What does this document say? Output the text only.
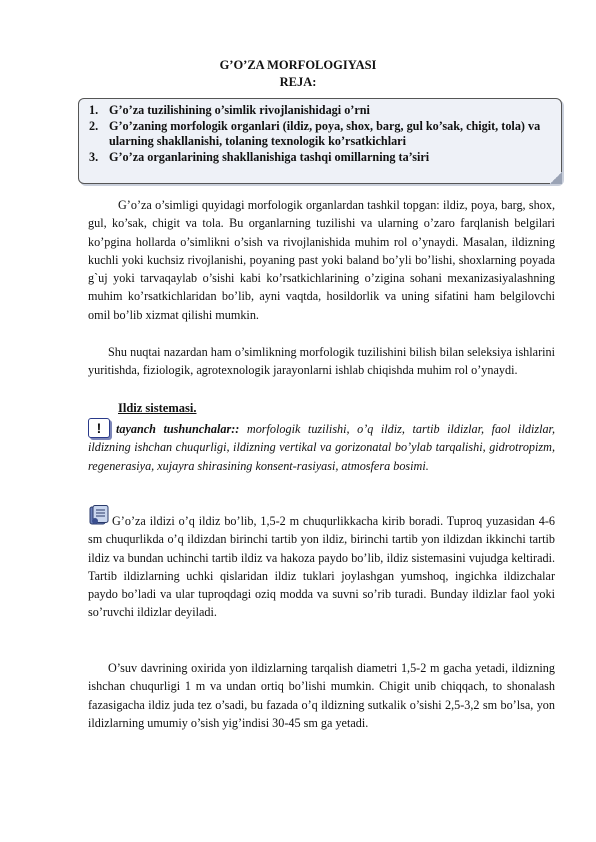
G’O’ZA MORFOLOGIYASI
REJA:
1. G’o’za tuzilishining o’simlik rivojlanishidagi o’rni
2. G’o’zaning morfologik organlari (ildiz, poya, shox, barg, gul ko’sak, chigit, tola) va ularning shakllanishi, tolaning texnologik ko’rsatkichlari
3. G’o’za organlarining shakllanishiga tashqi omillarning ta’siri

G’o’za o’simligi quyidagi morfologik organlardan tashkil topgan: ildiz, poya, barg, shox, gul, ko’sak, chigit va tola. Bu organlarning tuzilishi va ularning o’zaro farqlanish belgilari ko’pgina hollarda o’simlikni o’sish va rivojlanishida muhim rol o’ynaydi. Masalan, ildizning kuchli yoki kuchsiz rivojlanishi, poyaning past yoki baland bo’yli bo’lishi, shoxlarning poyada g`uj yoki tarvaqaylab o’sishi kabi ko’rsatkichlarining o’zigina sohani mexanizasiyalashning muhim ko’rsatkichlaridan bo’lib, ayni vaqtda, hosildorlik va uning sifatini ham belgilovchi omil bo’lib xizmat qilishi mumkin.

Shu nuqtai nazardan ham o’simlikning morfologik tuzilishini bilish bilan seleksiya ishlarini yuritishda, fiziologik, agrotexnologik jarayonlarni ishlab chiqishda muhim rol o’ynaydi.

Ildiz sistemasi.
!	tayanch tushunchalar:: morfologik tuzilishi, o’q ildiz, tartib ildizlar, faol ildizlar, ildizning ishchan chuqurligi, ildizning vertikal va gorizonatal bo’ylab tarqalishi, gidrotropizm, regenerasiya, xujayra shirasining konsent-rasiyasi, atmosfera bosimi.

G’o’za ildizi o’q ildiz bo’lib, 1,5-2 m chuqurlikkacha kirib boradi. Tuproq yuzasidan 4-6 sm chuqurlikda o’q ildizdan birinchi tartib yon ildiz, birinchi tartib yon ildizdan ikkinchi tartib ildiz va bundan uchinchi tartib ildiz va hakoza paydo bo’lib, ildiz sistemasini vujudga keltiradi. Tartib ildizlarning uchki qislaridan ildiz tuklari joylashgan yumshoq, ingichka ildizchalar paydo bo’ladi va ular tuproqdagi oziq modda va suvni so’rib turadi. Bunday ildizlar faol yoki so’ruvchi ildizlar deyiladi.

O’suv davrining oxirida yon ildizlarning tarqalish diametri 1,5-2 m gacha yetadi, ildizning ishchan chuqurligi 1 m va undan ortiq bo’lishi mumkin. Chigit unib chiqqach, to shonalash fazasigacha ildiz juda tez o’sadi, bu fazada o’q ildizning sutkalik o’sishi 2,5-3,2 sm bo’lsa, yon ildizlarning umumiy o’sish yig’indisi 30-45 sm ga yetadi.
